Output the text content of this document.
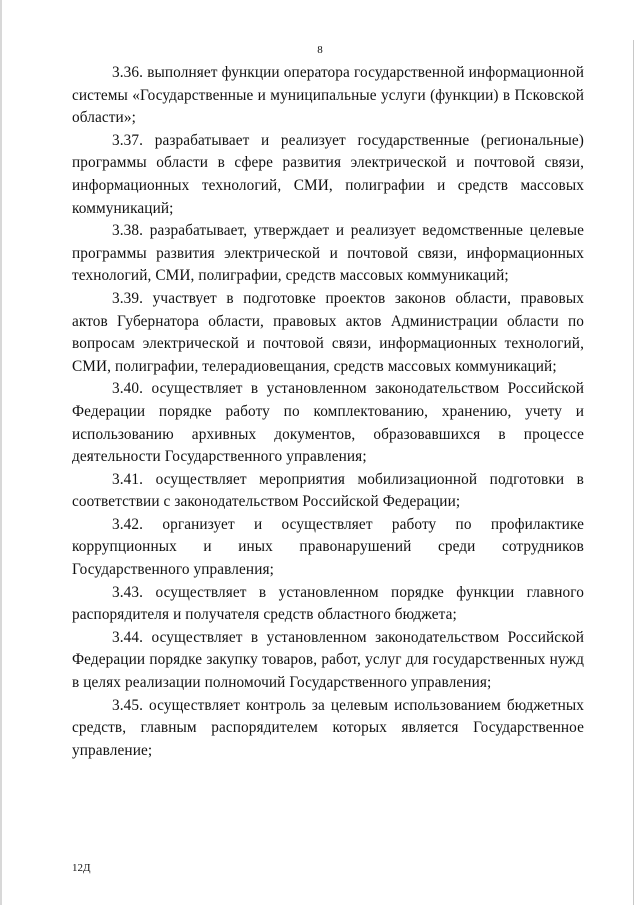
8

3.36. выполняет функции оператора государственной информационной системы «Государственные и муниципальные услуги (функции) в Псковской области»;

3.37. разрабатывает и реализует государственные (региональные) программы области в сфере развития электрической и почтовой связи, информационных технологий, СМИ, полиграфии и средств массовых коммуникаций;

3.38. разрабатывает, утверждает и реализует ведомственные целевые программы развития электрической и почтовой связи, информационных технологий, СМИ, полиграфии, средств массовых коммуникаций;

3.39. участвует в подготовке проектов законов области, правовых актов Губернатора области, правовых актов Администрации области по вопросам электрической и почтовой связи, информационных технологий, СМИ, полиграфии, телерадиовещания, средств массовых коммуникаций;

3.40. осуществляет в установленном законодательством Российской Федерации порядке работу по комплектованию, хранению, учету и использованию архивных документов, образовавшихся в процессе деятельности Государственного управления;

3.41. осуществляет мероприятия мобилизационной подготовки в соответствии с законодательством Российской Федерации;

3.42. организует и осуществляет работу по профилактике коррупционных и иных правонарушений среди сотрудников Государственного управления;

3.43. осуществляет в установленном порядке функции главного распорядителя и получателя средств областного бюджета;

3.44. осуществляет в установленном законодательством Российской Федерации порядке закупку товаров, работ, услуг для государственных нужд в целях реализации полномочий Государственного управления;

3.45. осуществляет контроль за целевым использованием бюджетных средств, главным распорядителем которых является Государственное управление;

12Д
